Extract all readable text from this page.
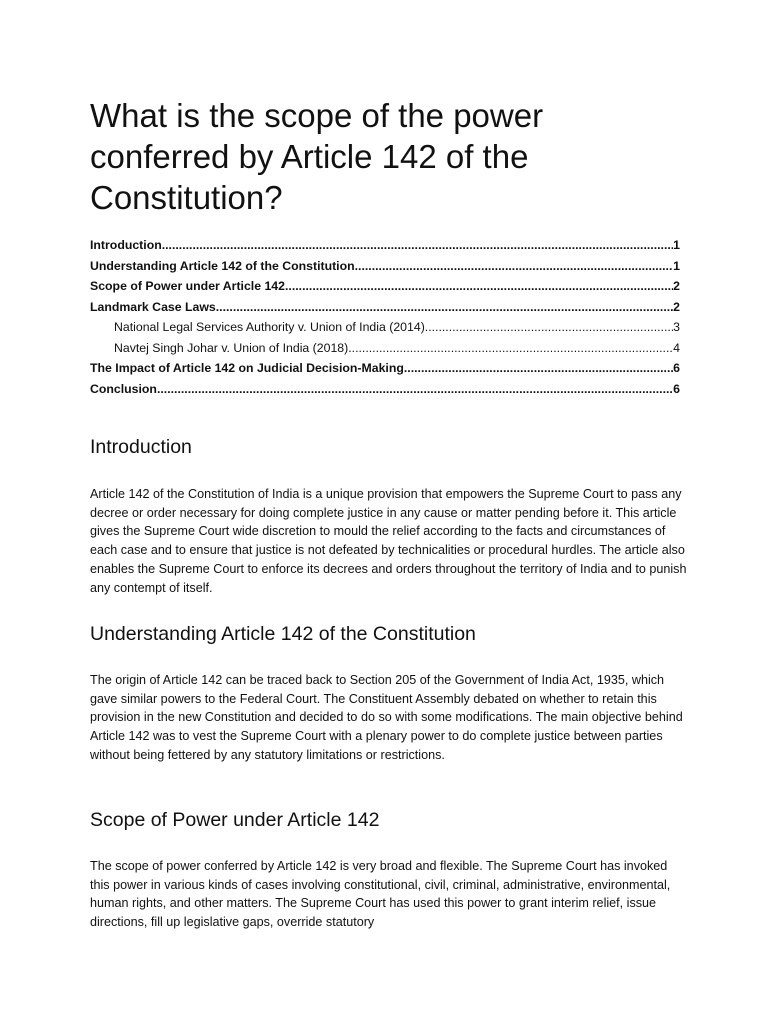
What is the scope of the power conferred by Article 142 of the Constitution?
Introduction .....	1
Understanding Article 142 of the Constitution .....	1
Scope of Power under Article 142 .....	2
Landmark Case Laws .....	2
National Legal Services Authority v. Union of India (2014) .....	3
Navtej Singh Johar v. Union of India (2018) .....	4
The Impact of Article 142 on Judicial Decision-Making .....	6
Conclusion .....	6
Introduction

Article 142 of the Constitution of India is a unique provision that empowers the Supreme Court to pass any decree or order necessary for doing complete justice in any cause or matter pending before it. This article gives the Supreme Court wide discretion to mould the relief according to the facts and circumstances of each case and to ensure that justice is not defeated by technicalities or procedural hurdles. The article also enables the Supreme Court to enforce its decrees and orders throughout the territory of India and to punish any contempt of itself.

Understanding Article 142 of the Constitution

The origin of Article 142 can be traced back to Section 205 of the Government of India Act, 1935, which gave similar powers to the Federal Court. The Constituent Assembly debated on whether to retain this provision in the new Constitution and decided to do so with some modifications. The main objective behind Article 142 was to vest the Supreme Court with a plenary power to do complete justice between parties without being fettered by any statutory limitations or restrictions.

Scope of Power under Article 142

The scope of power conferred by Article 142 is very broad and flexible. The Supreme Court has invoked this power in various kinds of cases involving constitutional, civil, criminal, administrative, environmental, human rights, and other matters. The Supreme Court has used this power to grant interim relief, issue directions, fill up legislative gaps, override statutory
